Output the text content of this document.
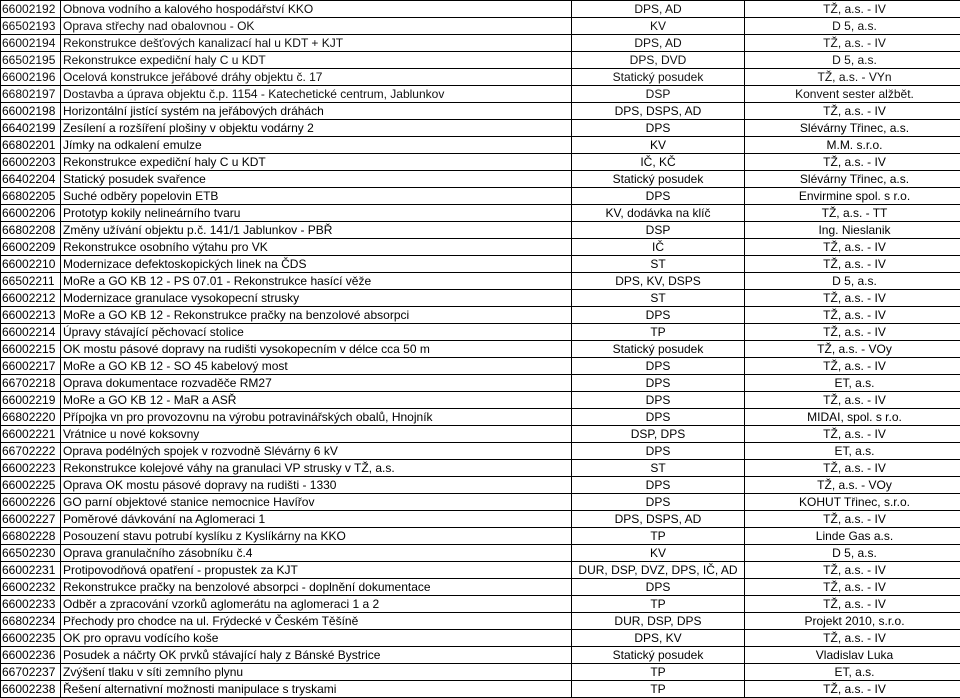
66002192	Obnova vodního a kalového hospodářství KKO	DPS, AD	TŽ, a.s. - IV
66502193	Oprava střechy nad obalovnou - OK	KV	D 5, a.s.
66002194	Rekonstrukce dešťových kanalizací hal u KDT + KJT	DPS, AD	TŽ, a.s. - IV
66502195	Rekonstrukce expediční haly C u KDT	DPS, DVD	D 5, a.s.
66002196	Ocelová konstrukce jeřábové dráhy objektu č. 17	Statický posudek	TŽ, a.s. - VYn
66802197	Dostavba a úprava objektu č.p. 1154 - Katechetické centrum, Jablunkov	DSP	Konvent sester alžbět.
66002198	Horizontální jistící systém na jeřábových dráhách	DPS, DSPS, AD	TŽ, a.s. - IV
66402199	Zesílení a rozšíření plošiny v objektu vodárny 2	DPS	Slévárny Třinec, a.s.
66802201	Jímky na odkalení emulze	KV	M.M. s.r.o.
66002203	Rekonstrukce expediční haly C u KDT	IČ, KČ	TŽ, a.s. - IV
66402204	Statický posudek svařence	Statický posudek	Slévárny Třinec, a.s.
66802205	Suché odběry popelovin ETB	DPS	Envirmine spol. s r.o.
66002206	Prototyp kokily nelineárního tvaru	KV, dodávka na klíč	TŽ, a.s. - TT
66802208	Změny užívání objektu p.č. 141/1 Jablunkov - PBŘ	DSP	Ing. Nieslanik
66002209	Rekonstrukce osobního výtahu pro VK	IČ	TŽ, a.s. - IV
66002210	Modernizace defektoskopických linek na ČDS	ST	TŽ, a.s. - IV
66502211	MoRe a GO KB 12 - PS 07.01 - Rekonstrukce hasící věže	DPS, KV, DSPS	D 5, a.s.
66002212	Modernizace granulace vysokopecní strusky	ST	TŽ, a.s. - IV
66002213	MoRe a GO KB 12 - Rekonstrukce pračky na benzolové absorpci	DPS	TŽ, a.s. - IV
66002214	Úpravy stávající pěchovací stolice	TP	TŽ, a.s. - IV
66002215	OK mostu pásové dopravy na rudišti vysokopecním v délce cca 50 m	Statický posudek	TŽ, a.s. - VOy
66002217	MoRe a GO KB 12 - SO 45 kabelový most	DPS	TŽ, a.s. - IV
66702218	Oprava dokumentace rozvaděče RM27	DPS	ET, a.s.
66002219	MoRe a GO KB 12 - MaR a ASŘ	DPS	TŽ, a.s. - IV
66802220	Přípojka vn pro provozovnu na výrobu potravinářských obalů, Hnojník	DPS	MIDAI, spol. s r.o.
66002221	Vrátnice u nové koksovny	DSP, DPS	TŽ, a.s. - IV
66702222	Oprava podélných spojek v rozvodně Slévárny 6 kV	DPS	ET, a.s.
66002223	Rekonstrukce kolejové váhy na granulaci VP strusky v TŽ, a.s.	ST	TŽ, a.s. - IV
66002225	Oprava OK mostu pásové dopravy na rudišti - 1330	DPS	TŽ, a.s. - VOy
66002226	GO parní objektové stanice nemocnice Havířov	DPS	KOHUT Třinec, s.r.o.
66002227	Poměrové dávkování na Aglomeraci 1	DPS, DSPS, AD	TŽ, a.s. - IV
66802228	Posouzení stavu potrubí kyslíku z Kyslíkárny na KKO	TP	Linde Gas a.s.
66502230	Oprava granulačního zásobníku č.4	KV	D 5, a.s.
66002231	Protipovodňová opatření - propustek za KJT	DUR, DSP, DVZ, DPS, IČ, AD	TŽ, a.s. - IV
66002232	Rekonstrukce pračky na benzolové absorpci - doplnění dokumentace	DPS	TŽ, a.s. - IV
66002233	Odběr a zpracování vzorků aglomerátu na aglomeraci 1 a 2	TP	TŽ, a.s. - IV
66802234	Přechody pro chodce na ul. Frýdecké v Českém Těšíně	DUR, DSP, DPS	Projekt 2010, s.r.o.
66002235	OK pro opravu vodícího koše	DPS, KV	TŽ, a.s. - IV
66002236	Posudek a náčrty OK prvků stávající haly z Bánské Bystrice	Statický posudek	Vladislav Luka
66702237	Zvýšení tlaku v síti zemního plynu	TP	ET, a.s.
66002238	Řešení alternativní možnosti manipulace s tryskami	TP	TŽ, a.s. - IV
